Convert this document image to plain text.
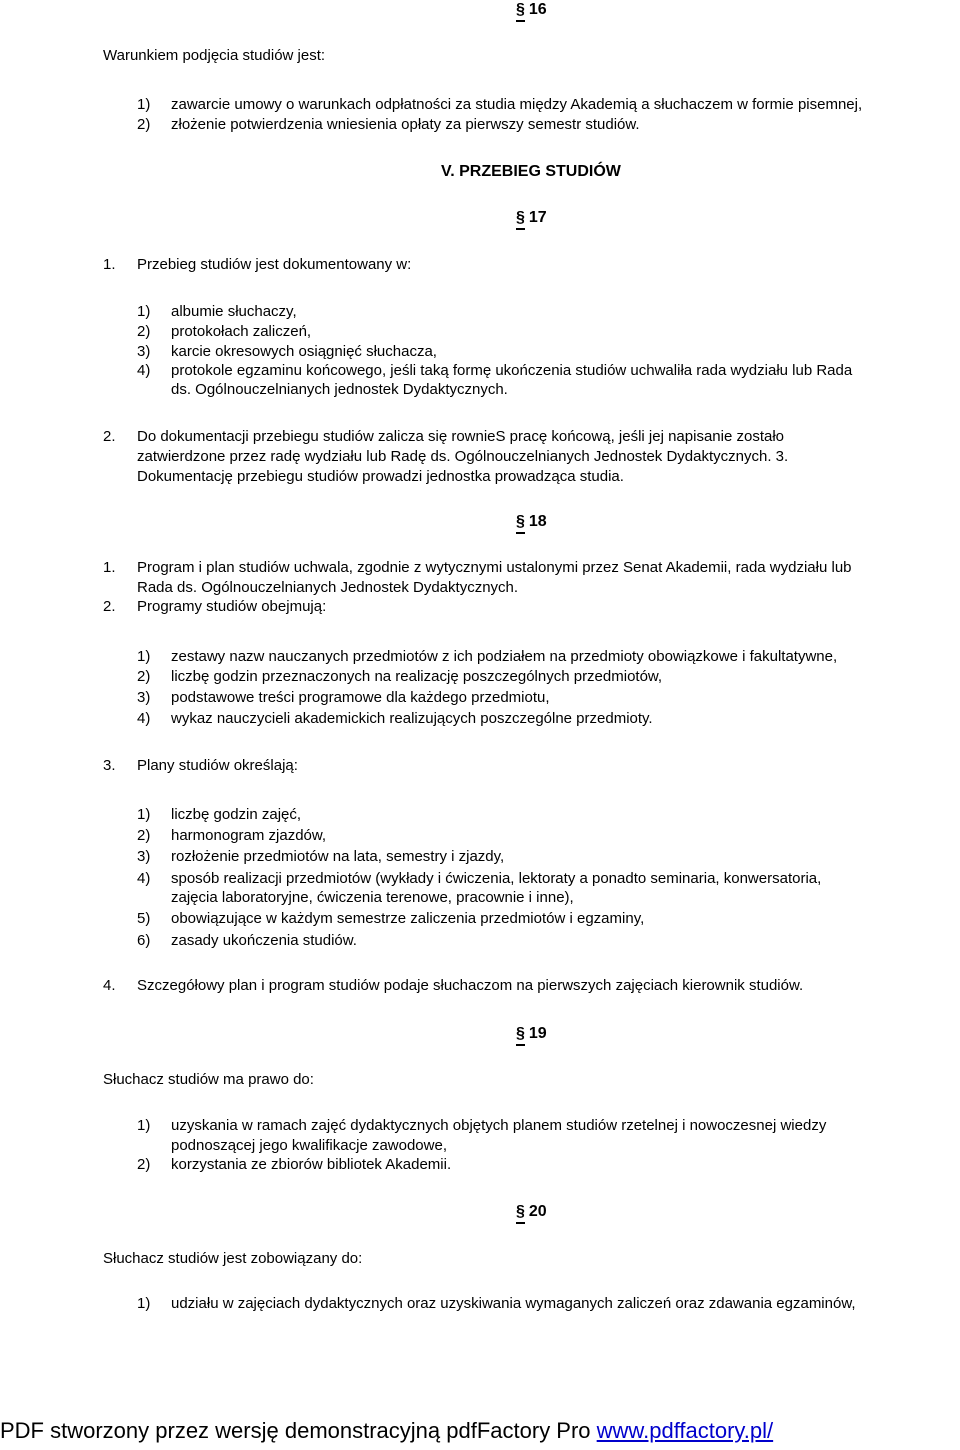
§ 16
Warunkiem podjęcia studiów jest:
1) zawarcie umowy o warunkach odpłatności za studia między Akademią a słuchaczem w formie pisemnej,
2) złożenie potwierdzenia wniesienia opłaty za pierwszy semestr studiów.
V. PRZEBIEG STUDIÓW
§ 17
1. Przebieg studiów jest dokumentowany w:
1) albumie słuchaczy,
2) protokołach zaliczeń,
3) karcie okresowych osiągnięć słuchacza,
4) protokole egzaminu końcowego, jeśli taką formę ukończenia studiów uchwaliła rada wydziału lub Rada
ds. Ogólnouczelnianych jednostek Dydaktycznych.
2. Do dokumentacji przebiegu studiów zalicza się rownieS pracę końcową, jeśli jej napisanie zostało
zatwierdzone przez radę wydziału lub Radę ds. Ogólnouczelnianych Jednostek Dydaktycznych. 3.
Dokumentację przebiegu studiów prowadzi jednostka prowadząca studia.
§ 18
1. Program i plan studiów uchwala, zgodnie z wytycznymi ustalonymi przez Senat Akademii, rada wydziału lub
Rada ds. Ogólnouczelnianych Jednostek Dydaktycznych.
2. Programy studiów obejmują:
1) zestawy nazw nauczanych przedmiotów z ich podziałem na przedmioty obowiązkowe i fakultatywne,
2) liczbę godzin przeznaczonych na realizację poszczególnych przedmiotów,
3) podstawowe treści programowe dla każdego przedmiotu,
4) wykaz nauczycieli akademickich realizujących poszczególne przedmioty.
3. Plany studiów określają:
1) liczbę godzin zajęć,
2) harmonogram zjazdów,
3) rozłożenie przedmiotów na lata, semestry i zjazdy,
4) sposób realizacji przedmiotów (wykłady i ćwiczenia, lektoraty a ponadto seminaria, konwersatoria,
zajęcia laboratoryjne, ćwiczenia terenowe, pracownie i inne),
5) obowiązujące w każdym semestrze zaliczenia przedmiotów i egzaminy,
6) zasady ukończenia studiów.
4. Szczegółowy plan i program studiów podaje słuchaczom na pierwszych zajęciach kierownik studiów.
§ 19
Słuchacz studiów ma prawo do:
1) uzyskania w ramach zajęć dydaktycznych objętych planem studiów rzetelnej i nowoczesnej wiedzy
podnoszącej jego kwalifikacje zawodowe,
2) korzystania ze zbiorów bibliotek Akademii.
§ 20
Słuchacz studiów jest zobowiązany do:
1) udziału w zajęciach dydaktycznych oraz uzyskiwania wymaganych zaliczeń oraz zdawania egzaminów,
PDF stworzony przez wersję demonstracyjną pdfFactory Pro www.pdffactory.pl/
